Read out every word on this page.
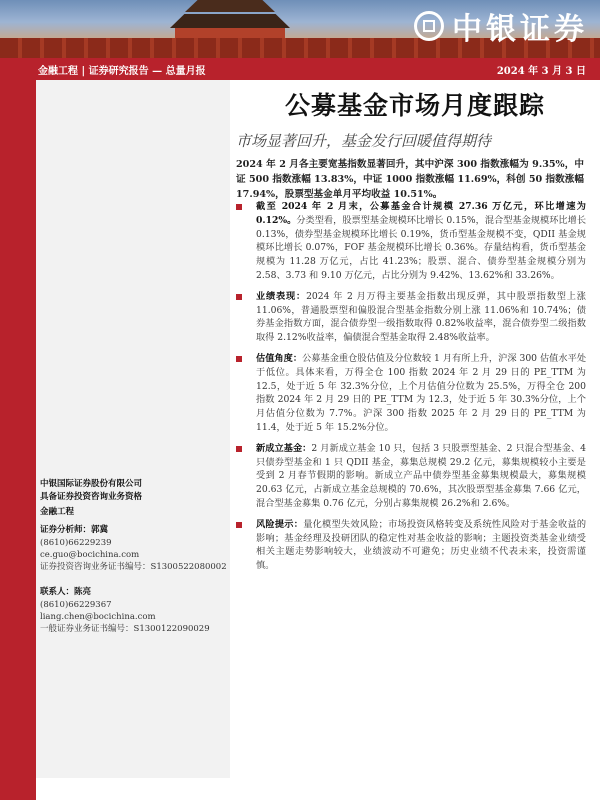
中银证券
金融工程 | 证券研究报告 — 总量月报	2024 年 3 月 3 日
公募基金市场月度跟踪
市场显著回升，基金发行回暖值得期待
2024 年 2 月各主要宽基指数显著回升，其中沪深 300 指数涨幅为 9.35%，中证 500 指数涨幅 13.83%，中证 1000 指数涨幅 11.69%，科创 50 指数涨幅 17.94%，股票型基金单月平均收益 10.51%。
截至 2024 年 2 月末，公募基金合计规模 27.36 万亿元，环比增速为 0.12%。分类型看，股票型基金规模环比增长 0.15%，混合型基金规模环比增长 0.13%，债券型基金规模环比增长 0.19%，货币型基金规模不变，QDII 基金规模环比增长 0.07%，FOF 基金规模环比增长 0.36%。存量结构看，货币型基金规模为 11.28 万亿元，占比 41.23%；股票、混合、债券型基金规模分别为 2.58、3.73 和 9.10 万亿元，占比分别为 9.42%、13.62%和 33.26%。
业绩表现：2024 年 2 月万得主要基金指数出现反弹，其中股票指数型上涨 11.06%，普通股票型和偏股混合型基金指数分别上涨 11.06%和 10.74%；债券基金指数方面，混合债券型一级指数取得 0.82%收益率，混合债券型二级指数取得 2.12%收益率，偏债混合型基金取得 2.48%收益率。
估值角度：公募基金重仓股估值及分位数较 1 月有所上升，沪深 300 估值水平处于低位。具体来看，万得全仓 100 指数 2024 年 2 月 29 日的 PE_TTM 为 12.5，处于近 5 年 32.3%分位，上个月估值分位数为 25.5%，万得全仓 200 指数 2024 年 2 月 29 日的 PE_TTM 为 12.3，处于近 5 年 30.3%分位，上个月估值分位数为 7.7%。沪深 300 指数 2025 年 2 月 29 日的 PE_TTM 为 11.4，处于近 5 年 15.2%分位。
新成立基金：2 月新成立基金 10 只，包括 3 只股票型基金、2 只混合型基金、4 只债券型基金和 1 只 QDII 基金，募集总规模 29.2 亿元，募集规模较小主要是受到 2 月春节假期的影响。新成立产品中债券型基金募集规模最大，募集规模 20.63 亿元，占新成立基金总规模的 70.6%，其次股票型基金募集 7.66 亿元，混合型基金募集 0.76 亿元，分别占募集规模 26.2%和 2.6%。
风险提示：量化模型失效风险；市场投资风格转变及系统性风险对于基金收益的影响；基金经理及投研团队的稳定性对基金收益的影响；主题投资类基金业绩受相关主题走势影响较大，业绩波动不可避免；历史业绩不代表未来，投资需谨慎。
中银国际证券股份有限公司
具备证券投资咨询业务资格
金融工程
证券分析师：郭冀
(8610)66229239
ce.guo@bocichina.com
证券投资咨询业务证书编号：S1300522080002
联系人：陈亮
(8610)66229367
liang.chen@bocichina.com
一般证券业务证书编号：S1300122090029
